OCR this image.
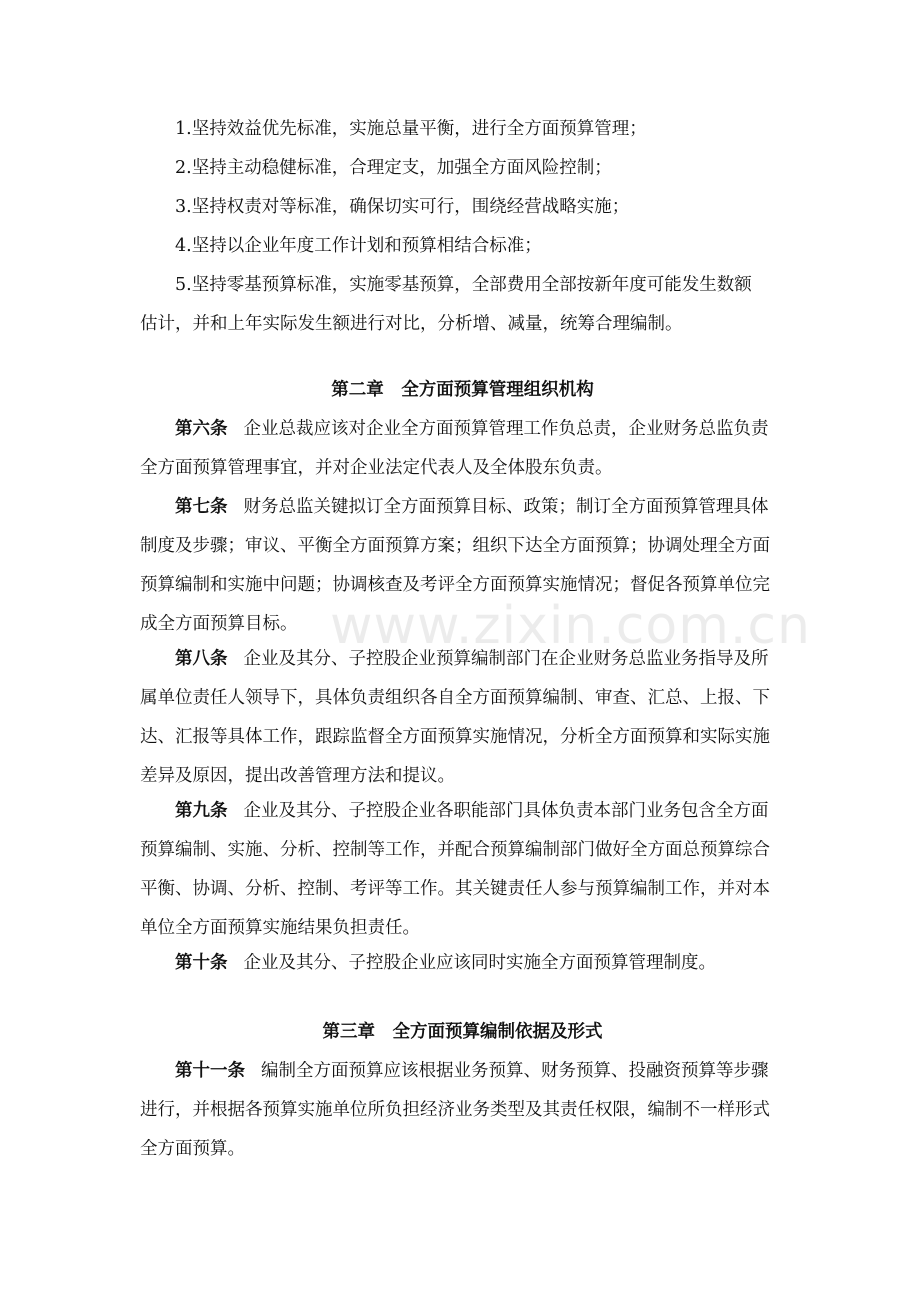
1.坚持效益优先标准，实施总量平衡，进行全方面预算管理；

2.坚持主动稳健标准，合理定支，加强全方面风险控制；

3.坚持权责对等标准，确保切实可行，围绕经营战略实施；

4.坚持以企业年度工作计划和预算相结合标准；

5.坚持零基预算标准，实施零基预算，全部费用全部按新年度可能发生数额
估计，并和上年实际发生额进行对比，分析增、减量，统筹合理编制。

第二章　全方面预算管理组织机构

第六条 企业总裁应该对企业全方面预算管理工作负总责，企业财务总监负责
全方面预算管理事宜，并对企业法定代表人及全体股东负责。

第七条 财务总监关键拟订全方面预算目标、政策；制订全方面预算管理具体
制度及步骤；审议、平衡全方面预算方案；组织下达全方面预算；协调处理全方面
预算编制和实施中问题；协调核查及考评全方面预算实施情况；督促各预算单位完
成全方面预算目标。

第八条 企业及其分、子控股企业预算编制部门在企业财务总监业务指导及所
属单位责任人领导下，具体负责组织各自全方面预算编制、审查、汇总、上报、下
达、汇报等具体工作，跟踪监督全方面预算实施情况，分析全方面预算和实际实施
差异及原因，提出改善管理方法和提议。

第九条 企业及其分、子控股企业各职能部门具体负责本部门业务包含全方面
预算编制、实施、分析、控制等工作，并配合预算编制部门做好全方面总预算综合
平衡、协调、分析、控制、考评等工作。其关键责任人参与预算编制工作，并对本
单位全方面预算实施结果负担责任。

第十条 企业及其分、子控股企业应该同时实施全方面预算管理制度。

第三章　全方面预算编制依据及形式

第十一条 编制全方面预算应该根据业务预算、财务预算、投融资预算等步骤
进行，并根据各预算实施单位所负担经济业务类型及其责任权限，编制不一样形式
全方面预算。

www.zixin.com.cn
